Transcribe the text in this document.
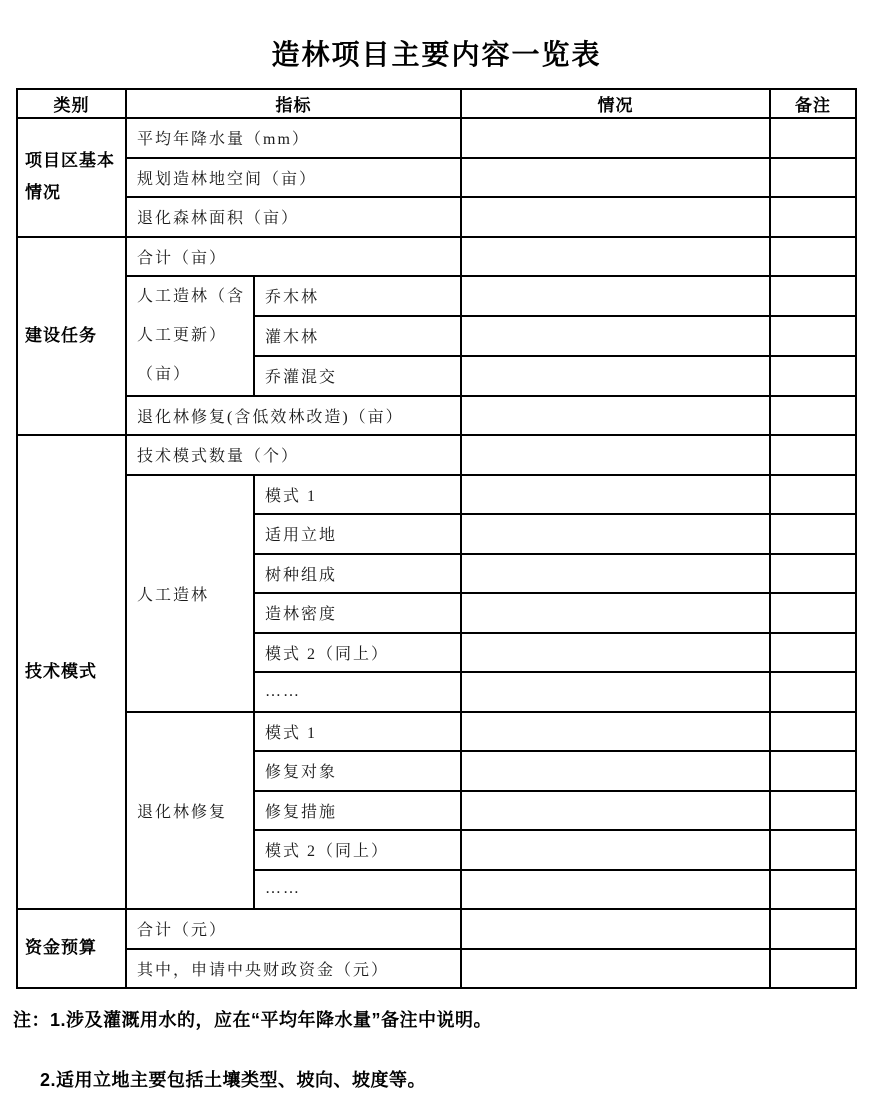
造林项目主要内容一览表
类别	指标		情况	备注
项目区基本情况	平均年降水量（mm）			
	规划造林地空间（亩）			
	退化森林面积（亩）			
建设任务	合计（亩）			
	人工造林（含人工更新）（亩）	乔木林		
		灌木林		
		乔灌混交		
	退化林修复(含低效林改造)（亩）			
技术模式	技术模式数量（个）			
	人工造林	模式 1		
		适用立地		
		树种组成		
		造林密度		
		模式 2（同上）		
		……		
	退化林修复	模式 1		
		修复对象		
		修复措施		
		模式 2（同上）		
		……		
资金预算	合计（元）			
	其中，申请中央财政资金（元）			
注：1.涉及灌溉用水的，应在“平均年降水量”备注中说明。
2.适用立地主要包括土壤类型、坡向、坡度等。
